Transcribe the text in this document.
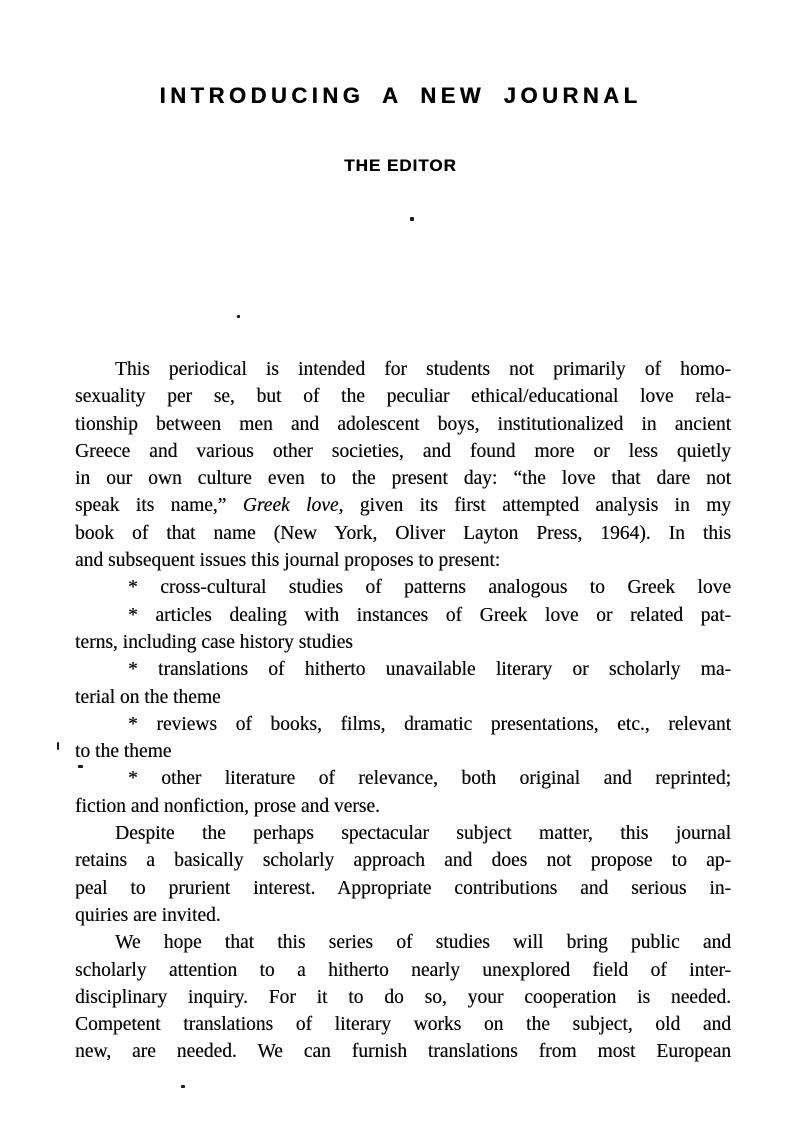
INTRODUCING A NEW JOURNAL
THE EDITOR
This periodical is intended for students not primarily of homo-
sexuality per se, but of the peculiar ethical/educational love rela-
tionship between men and adolescent boys, institutionalized in ancient
Greece and various other societies, and found more or less quietly
in our own culture even to the present day: “the love that dare not
speak its name,” Greek love, given its first attempted analysis in my
book of that name (New York, Oliver Layton Press, 1964). In this
and subsequent issues this journal proposes to present:
* cross-cultural studies of patterns analogous to Greek love
* articles dealing with instances of Greek love or related pat-
terns, including case history studies
* translations of hitherto unavailable literary or scholarly ma-
terial on the theme
* reviews of books, films, dramatic presentations, etc., relevant
to the theme
* other literature of relevance, both original and reprinted;
fiction and nonfiction, prose and verse.
Despite the perhaps spectacular subject matter, this journal
retains a basically scholarly approach and does not propose to ap-
peal to prurient interest. Appropriate contributions and serious in-
quiries are invited.
We hope that this series of studies will bring public and
scholarly attention to a hitherto nearly unexplored field of inter-
disciplinary inquiry. For it to do so, your cooperation is needed.
Competent translations of literary works on the subject, old and
new, are needed. We can furnish translations from most European
